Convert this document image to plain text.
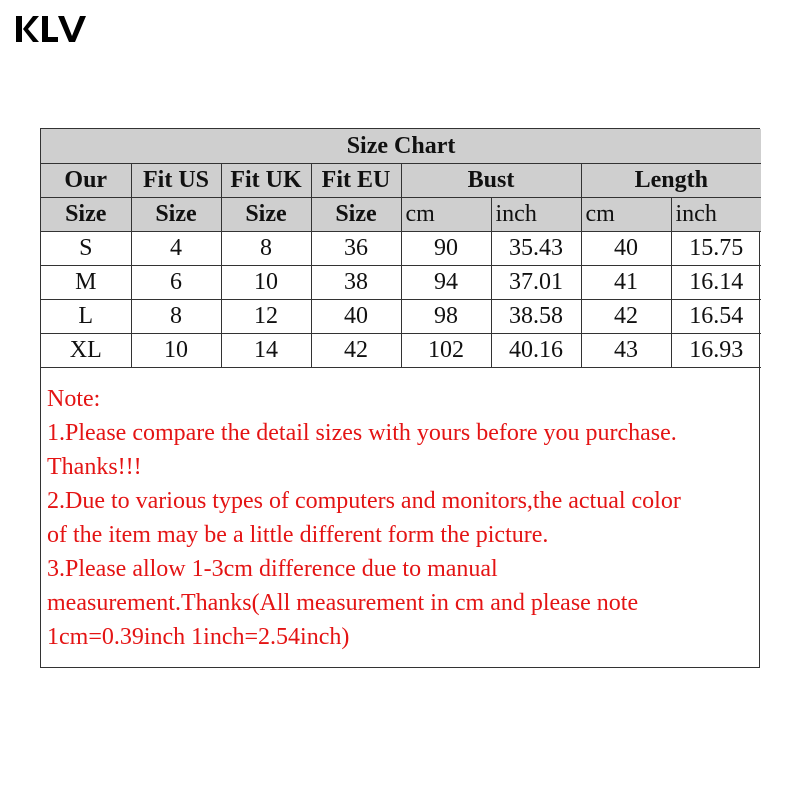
Size Chart							
Our	Fit US	Fit UK	Fit EU	Bust		Length	
Size	Size	Size	Size	cm	inch	cm	inch
S	4	8	36	90	35.43	40	15.75
M	6	10	38	94	37.01	41	16.14
L	8	12	40	98	38.58	42	16.54
XL	10	14	42	102	40.16	43	16.93
Note:
1.Please compare the detail sizes with yours before you purchase.
Thanks!!!
2.Due to various types of computers and monitors,the actual color
of the item may be a little different form the picture.
3.Please allow 1-3cm difference due to manual
measurement.Thanks(All measurement in cm and please note
1cm=0.39inch 1inch=2.54inch)
